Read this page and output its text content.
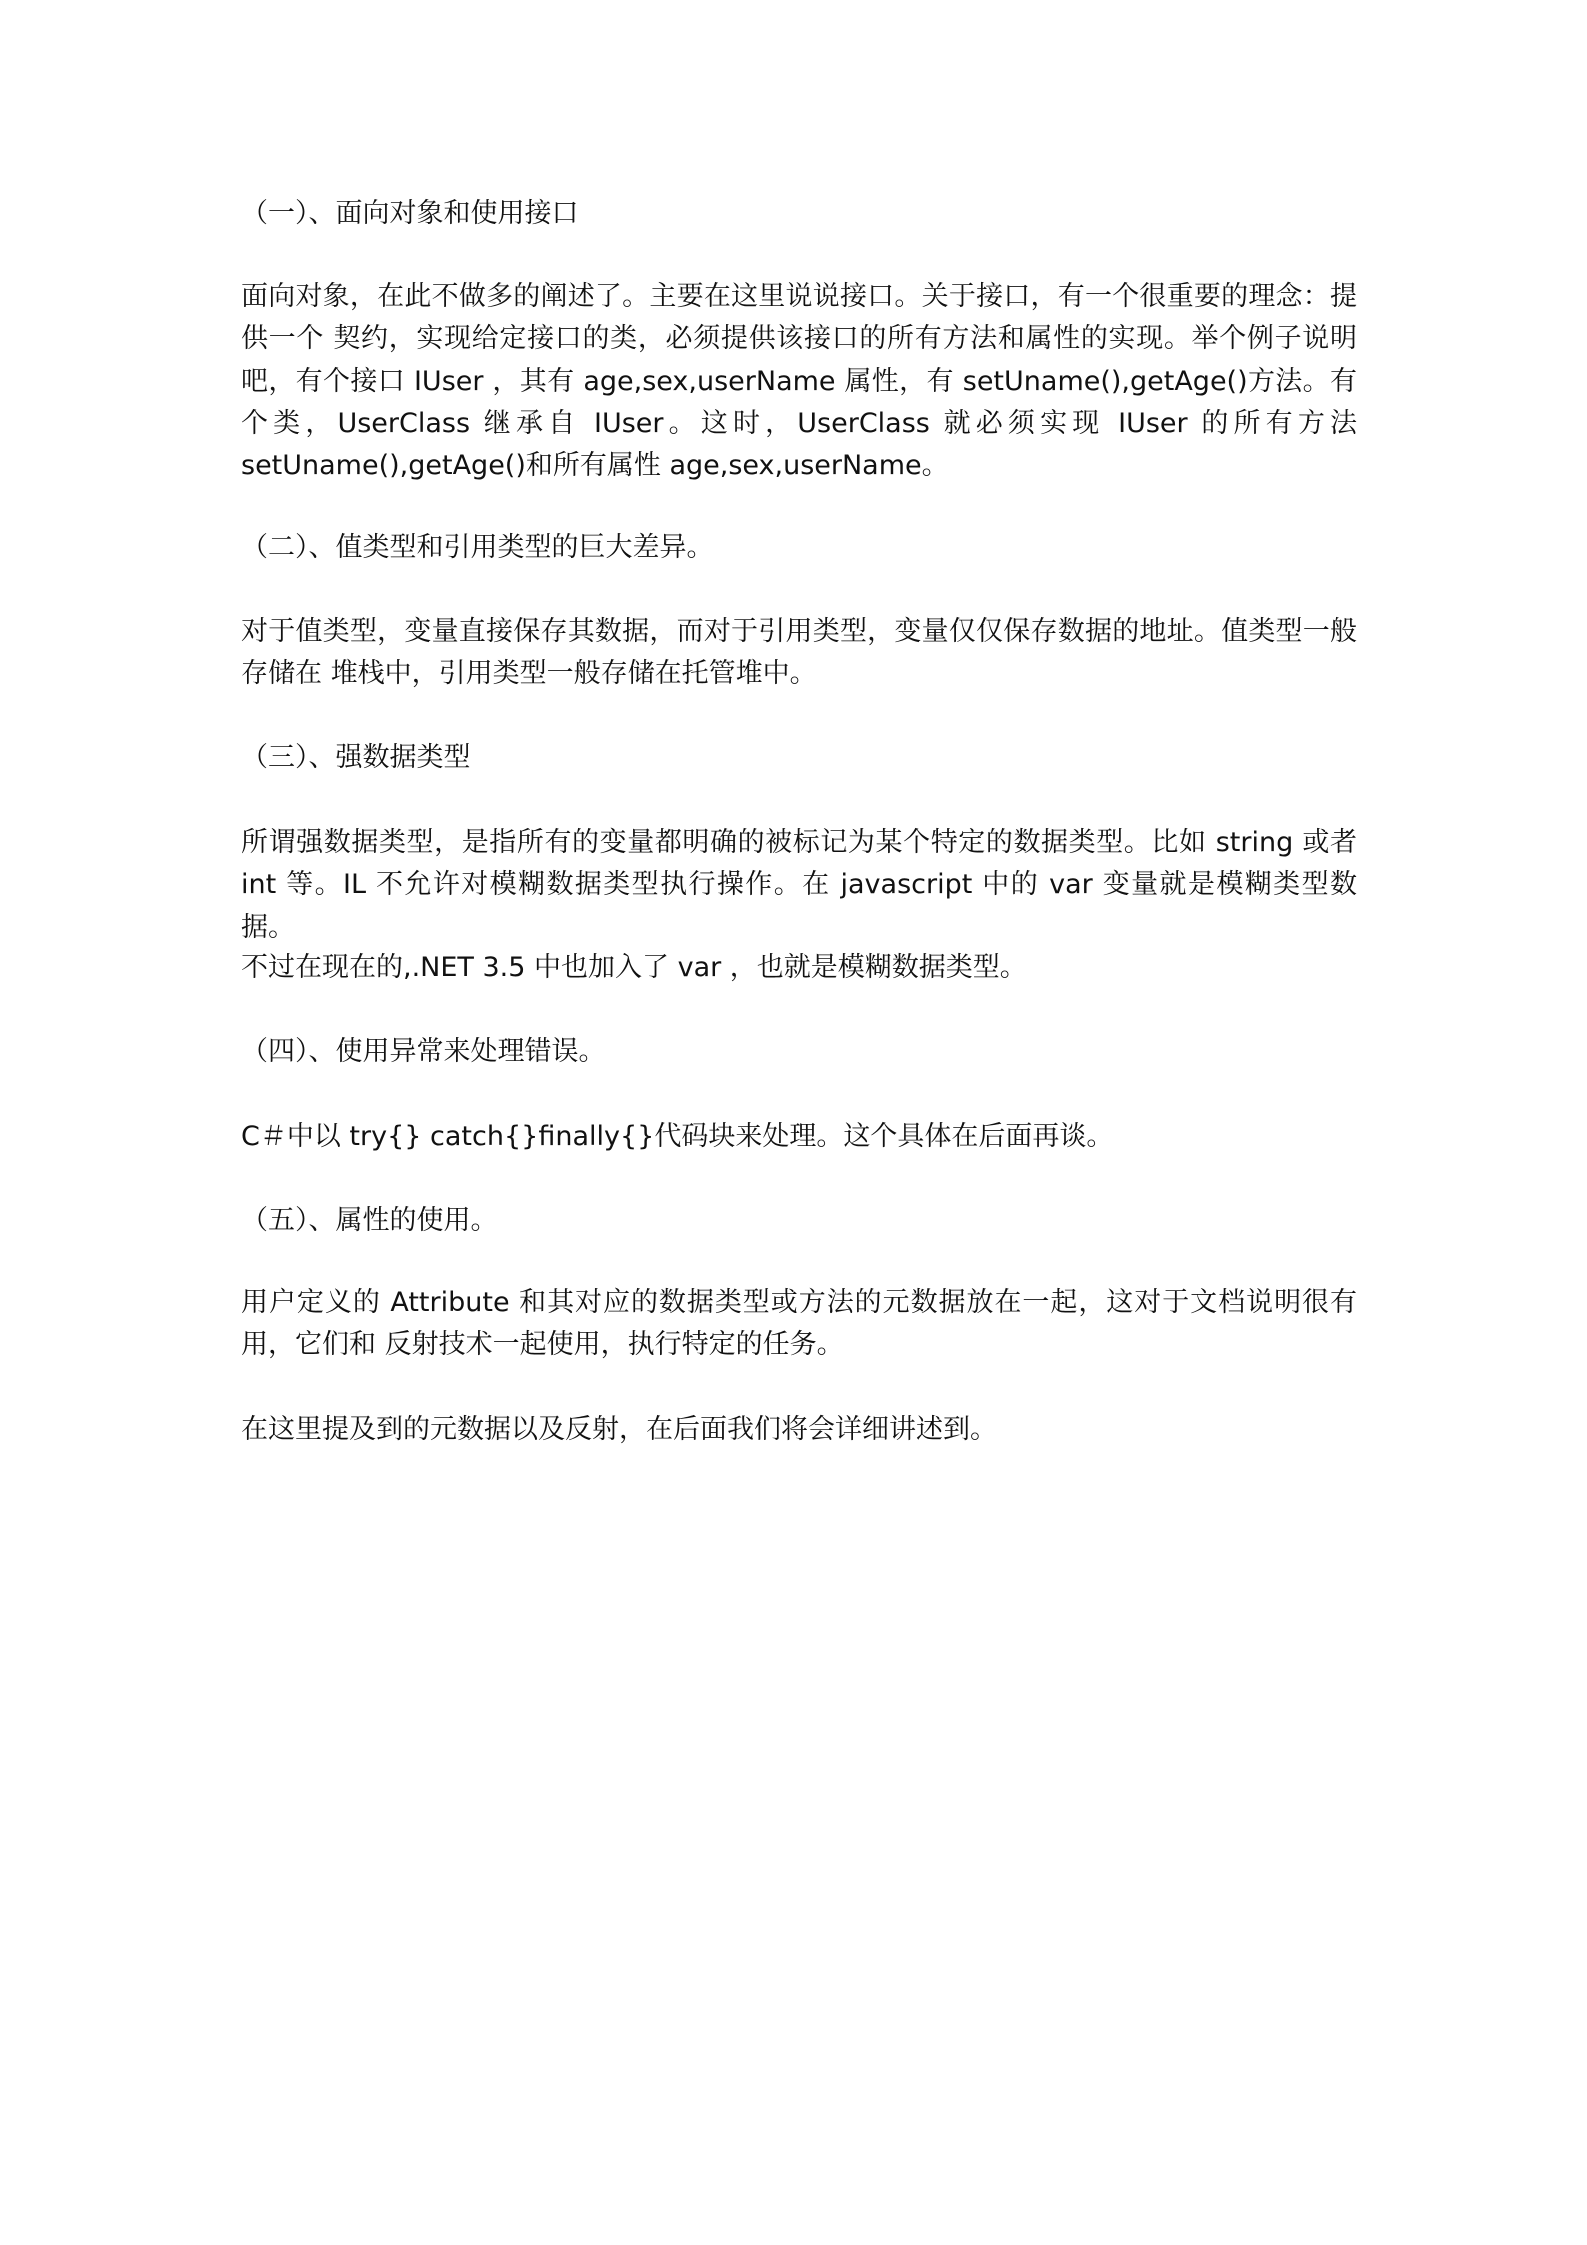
（一）、面向对象和使用接口

面向对象，在此不做多的阐述了。主要在这里说说接口。关于接口，有一个很重要的理念：提供一个 契约，实现给定接口的类，必须提供该接口的所有方法和属性的实现。举个例子说明吧，有个接口 IUser ，其有 age,sex,userName 属性，有 setUname(),getAge()方法。有个类，UserClass 继承自 IUser。这时，UserClass 就必须实现 IUser 的所有方法 setUname(),getAge()和所有属性 age,sex,userName。

（二）、值类型和引用类型的巨大差异。

对于值类型，变量直接保存其数据，而对于引用类型，变量仅仅保存数据的地址。值类型一般存储在 堆栈中，引用类型一般存储在托管堆中。

（三）、强数据类型

所谓强数据类型，是指所有的变量都明确的被标记为某个特定的数据类型。比如 string 或者int 等。IL 不允许对模糊数据类型执行操作。在 javascript 中的 var 变量就是模糊类型数据。

不过在现在的,.NET 3.5 中也加入了 var ，也就是模糊数据类型。

（四）、使用异常来处理错误。

C＃中以 try{} catch{}finally{}代码块来处理。这个具体在后面再谈。

（五）、属性的使用。

用户定义的 Attribute 和其对应的数据类型或方法的元数据放在一起，这对于文档说明很有用，它们和 反射技术一起使用，执行特定的任务。

在这里提及到的元数据以及反射，在后面我们将会详细讲述到。
